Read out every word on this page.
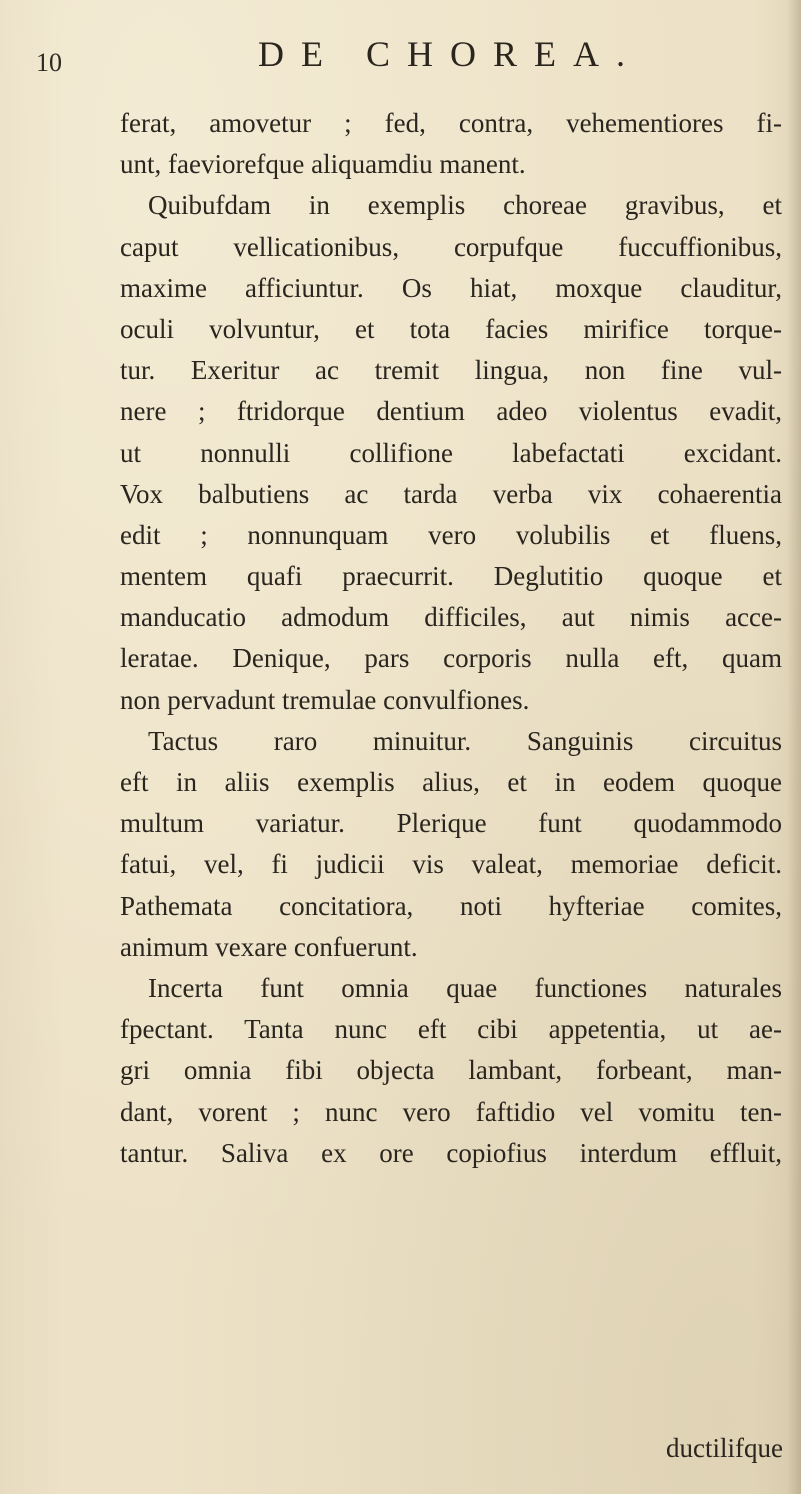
10	DE CHOREA.
ferat, amovetur ; fed, contra, vehementiores fi-
unt, faeviorefque aliquamdiu manent.
Quibufdam in exemplis choreae gravibus, et
caput vellicationibus, corpufque fuccuffionibus,
maxime afficiuntur. Os hiat, moxque clauditur,
oculi volvuntur, et tota facies mirifice torque-
tur. Exeritur ac tremit lingua, non fine vul-
nere ; ftridorque dentium adeo violentus evadit,
ut nonnulli collifione labefactati excidant.
Vox balbutiens ac tarda verba vix cohaerentia
edit ; nonnunquam vero volubilis et fluens,
mentem quafi praecurrit. Deglutitio quoque et
manducatio admodum difficiles, aut nimis acce-
leratae. Denique, pars corporis nulla eft, quam
non pervadunt tremulae convulfiones.
Tactus raro minuitur. Sanguinis circuitus
eft in aliis exemplis alius, et in eodem quoque
multum variatur. Plerique funt quodammodo
fatui, vel, fi judicii vis valeat, memoriae deficit.
Pathemata concitatiora, noti hyfteriae comites,
animum vexare confuerunt.
Incerta funt omnia quae functiones naturales
fpectant. Tanta nunc eft cibi appetentia, ut ae-
gri omnia fibi objecta lambant, forbeant, man-
dant, vorent ; nunc vero faftidio vel vomitu ten-
tantur. Saliva ex ore copiofius interdum effluit,
ductilifque
